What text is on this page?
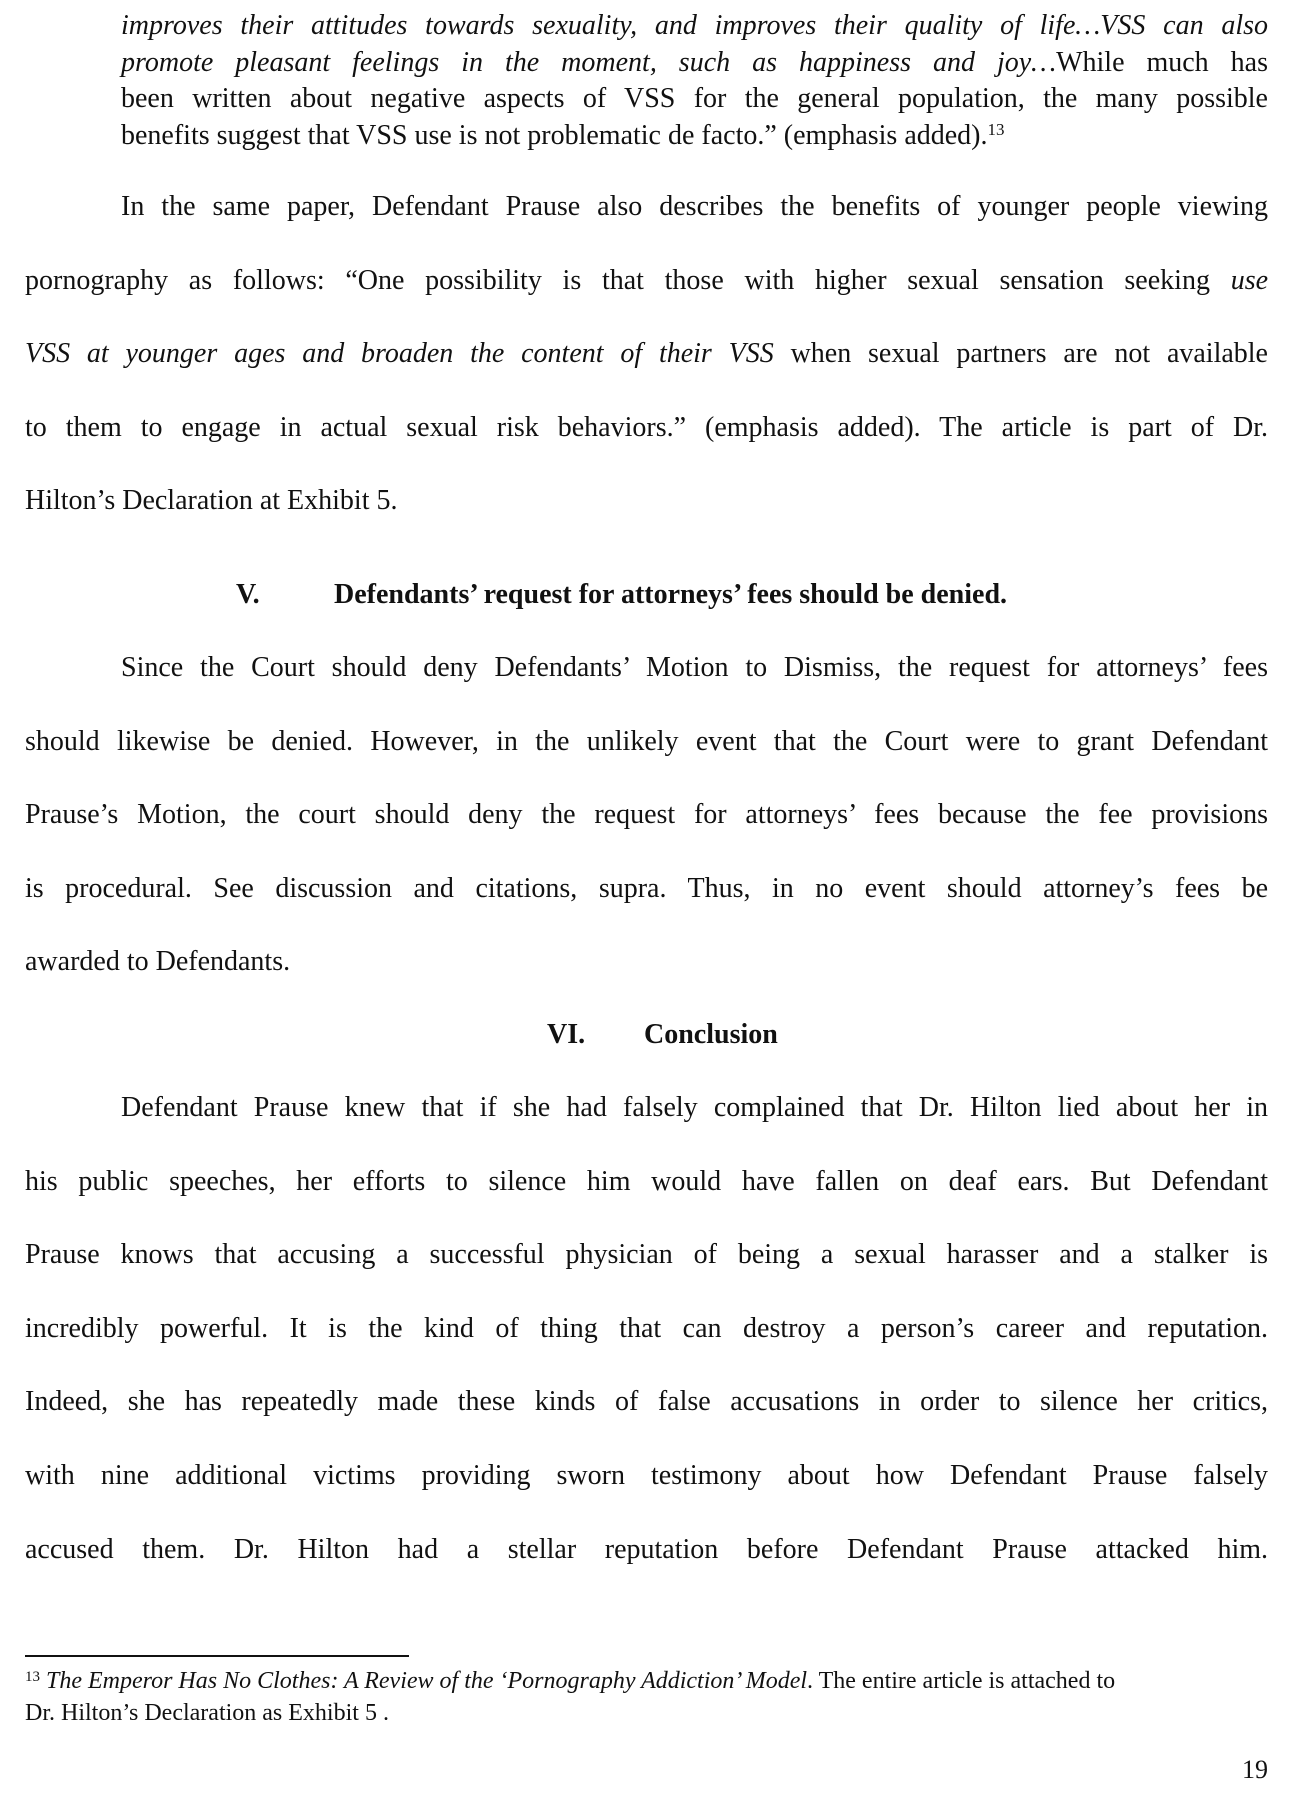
improves their attitudes towards sexuality, and improves their quality of life…VSS can also
promote pleasant feelings in the moment, such as happiness and joy…While much has
been written about negative aspects of VSS for the general population, the many possible
benefits suggest that VSS use is not problematic de facto.” (emphasis added).$^{13}$
In the same paper, Defendant Prause also describes the benefits of younger people viewing
pornography as follows: “One possibility is that those with higher sexual sensation seeking use
VSS at younger ages and broaden the content of their VSS when sexual partners are not available
to them to engage in actual sexual risk behaviors.” (emphasis added). The article is part of Dr.
Hilton’s Declaration at Exhibit 5.
V.	Defendants’ request for attorneys’ fees should be denied.
Since the Court should deny Defendants’ Motion to Dismiss, the request for attorneys’ fees
should likewise be denied. However, in the unlikely event that the Court were to grant Defendant
Prause’s Motion, the court should deny the request for attorneys’ fees because the fee provisions
is procedural. See discussion and citations, supra. Thus, in no event should attorney’s fees be
awarded to Defendants.
VI. Conclusion
Defendant Prause knew that if she had falsely complained that Dr. Hilton lied about her in
his public speeches, her efforts to silence him would have fallen on deaf ears. But Defendant
Prause knows that accusing a successful physician of being a sexual harasser and a stalker is
incredibly powerful. It is the kind of thing that can destroy a person’s career and reputation.
Indeed, she has repeatedly made these kinds of false accusations in order to silence her critics,
with nine additional victims providing sworn testimony about how Defendant Prause falsely
accused them. Dr. Hilton had a stellar reputation before Defendant Prause attacked him.
$^{13}$ The Emperor Has No Clothes: A Review of the ‘Pornography Addiction’ Model. The entire article is attached to
Dr. Hilton’s Declaration as Exhibit 5 .
19
